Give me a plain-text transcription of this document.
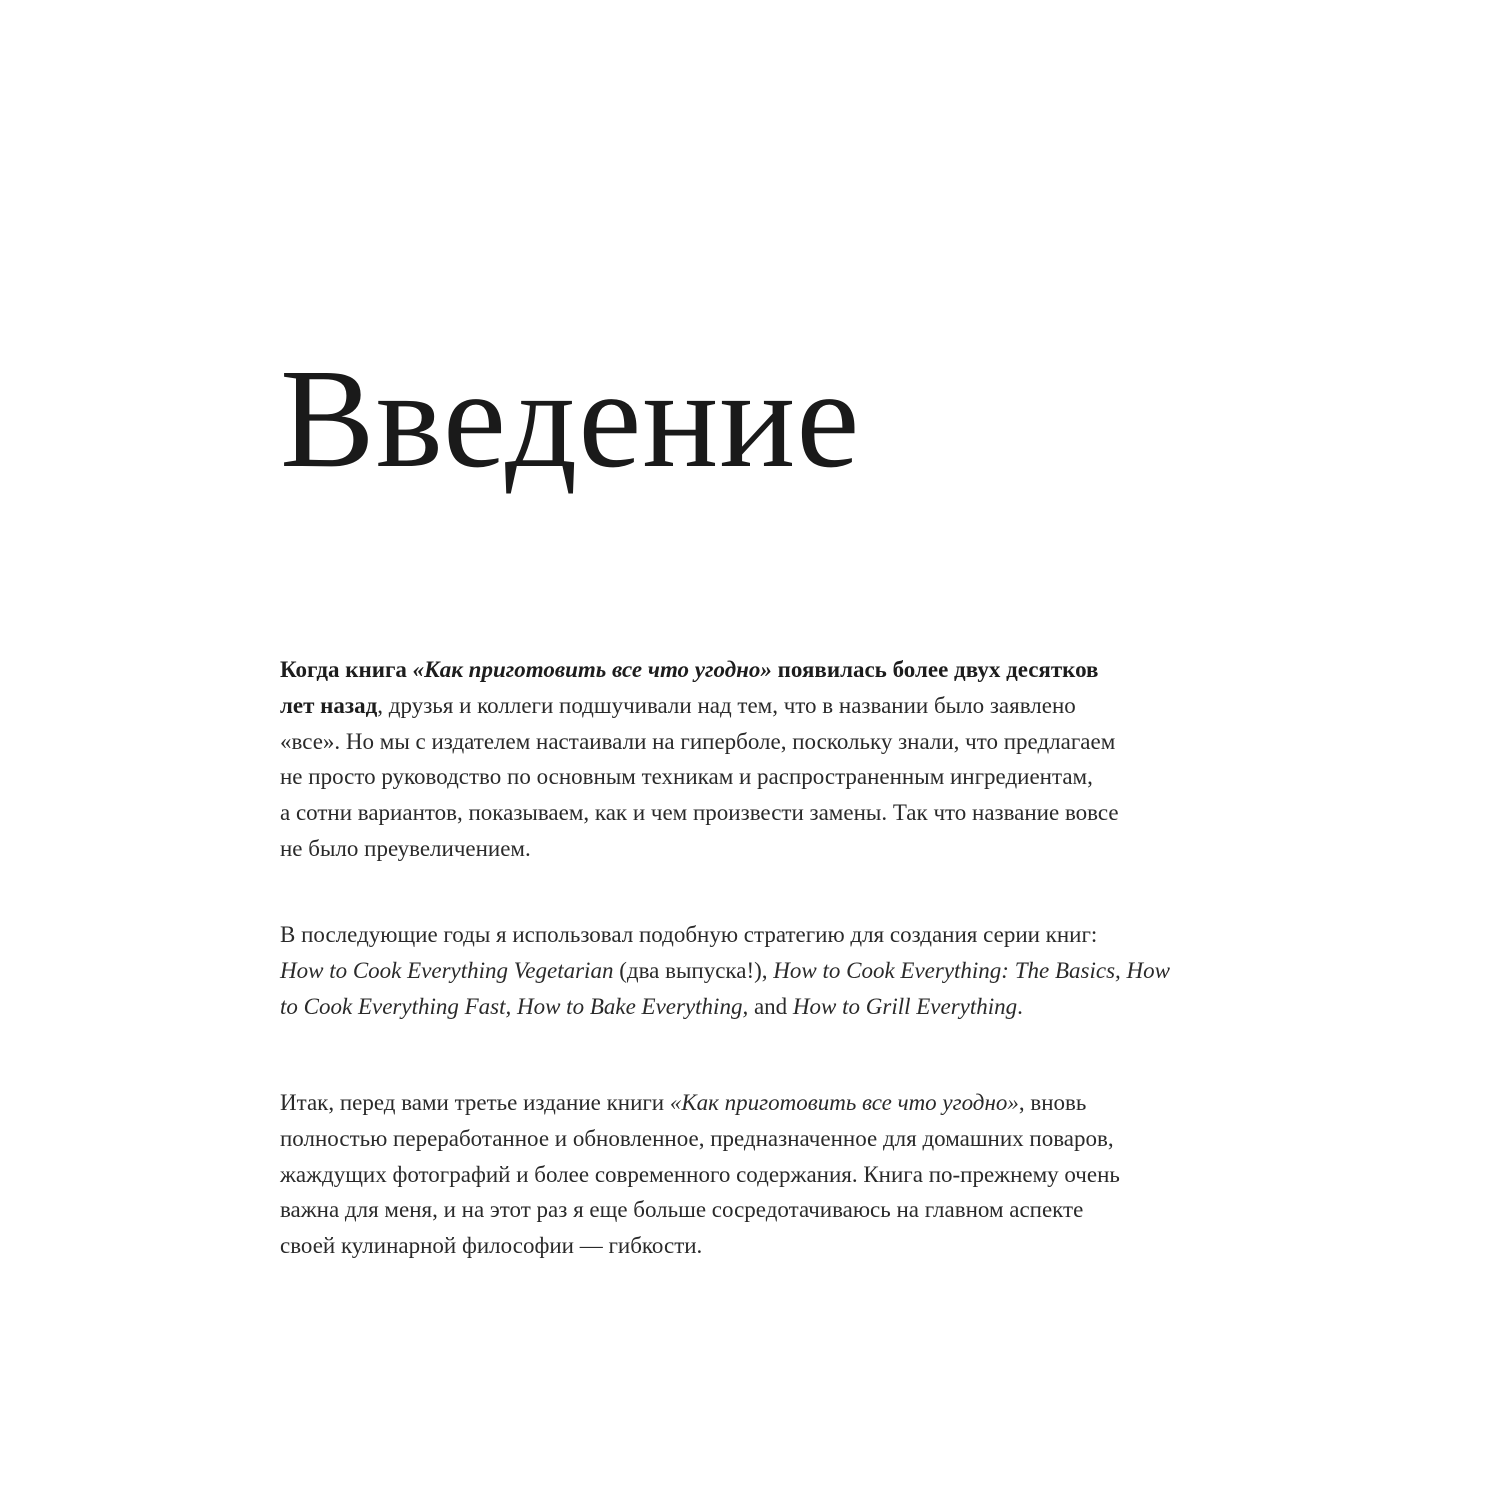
Введение
Когда книга «Как приготовить все что угодно» появилась более двух десятков
лет назад, друзья и коллеги подшучивали над тем, что в названии было заявлено
«все». Но мы с издателем настаивали на гиперболе, поскольку знали, что предлагаем
не просто руководство по основным техникам и распространенным ингредиентам,
а сотни вариантов, показываем, как и чем произвести замены. Так что название вовсе
не было преувеличением.
В последующие годы я использовал подобную стратегию для создания серии книг:
How to Cook Everything Vegetarian (два выпуска!), How to Cook Everything: The Basics, How
to Cook Everything Fast, How to Bake Everything, and How to Grill Everything.
Итак, перед вами третье издание книги «Как приготовить все что угодно», вновь
полностью переработанное и обновленное, предназначенное для домашних поваров,
жаждущих фотографий и более современного содержания. Книга по-прежнему очень
важна для меня, и на этот раз я еще больше сосредотачиваюсь на главном аспекте
своей кулинарной философии — гибкости.
